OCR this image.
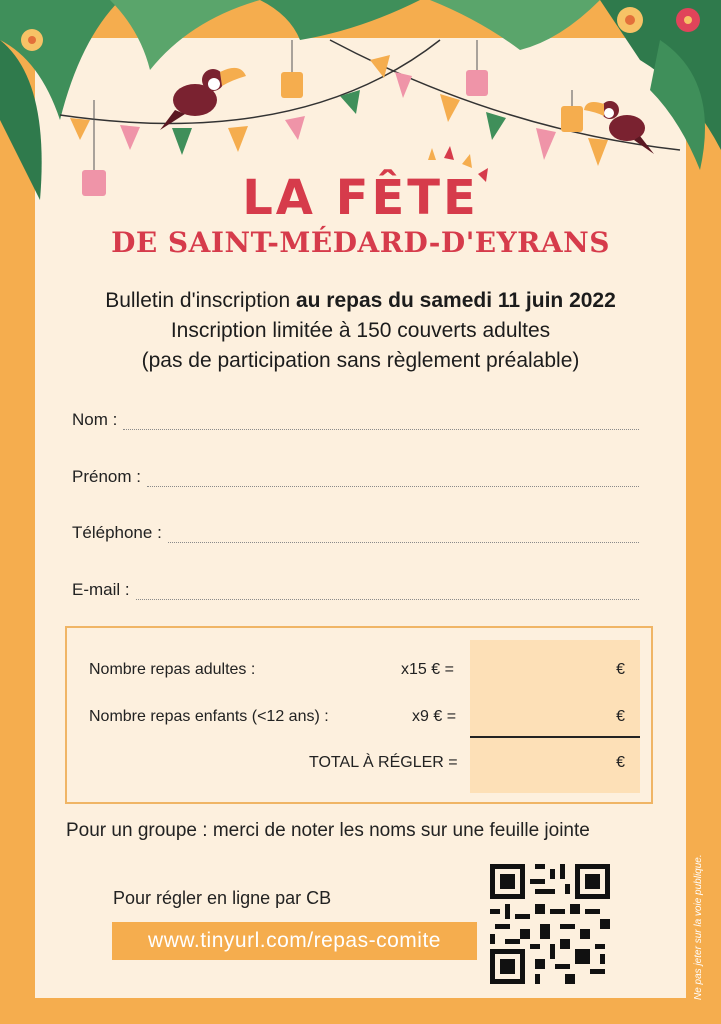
LA FÊTE
DE SAINT-MÉDARD-D'EYRANS
Bulletin d'inscription au repas du samedi 11 juin 2022
Inscription limitée à 150 couverts adultes
(pas de participation sans règlement préalable)
Nom :
Prénom :
Téléphone :
E-mail :
Nombre repas adultes :	x15 € =	€
Nombre repas enfants (<12 ans) :	x9 € =	€
TOTAL À RÉGLER =	€
Pour un groupe : merci de noter les noms sur une feuille jointe
Pour régler en ligne par CB
www.tinyurl.com/repas-comite	Ne pas jeter sur la voie publique.
